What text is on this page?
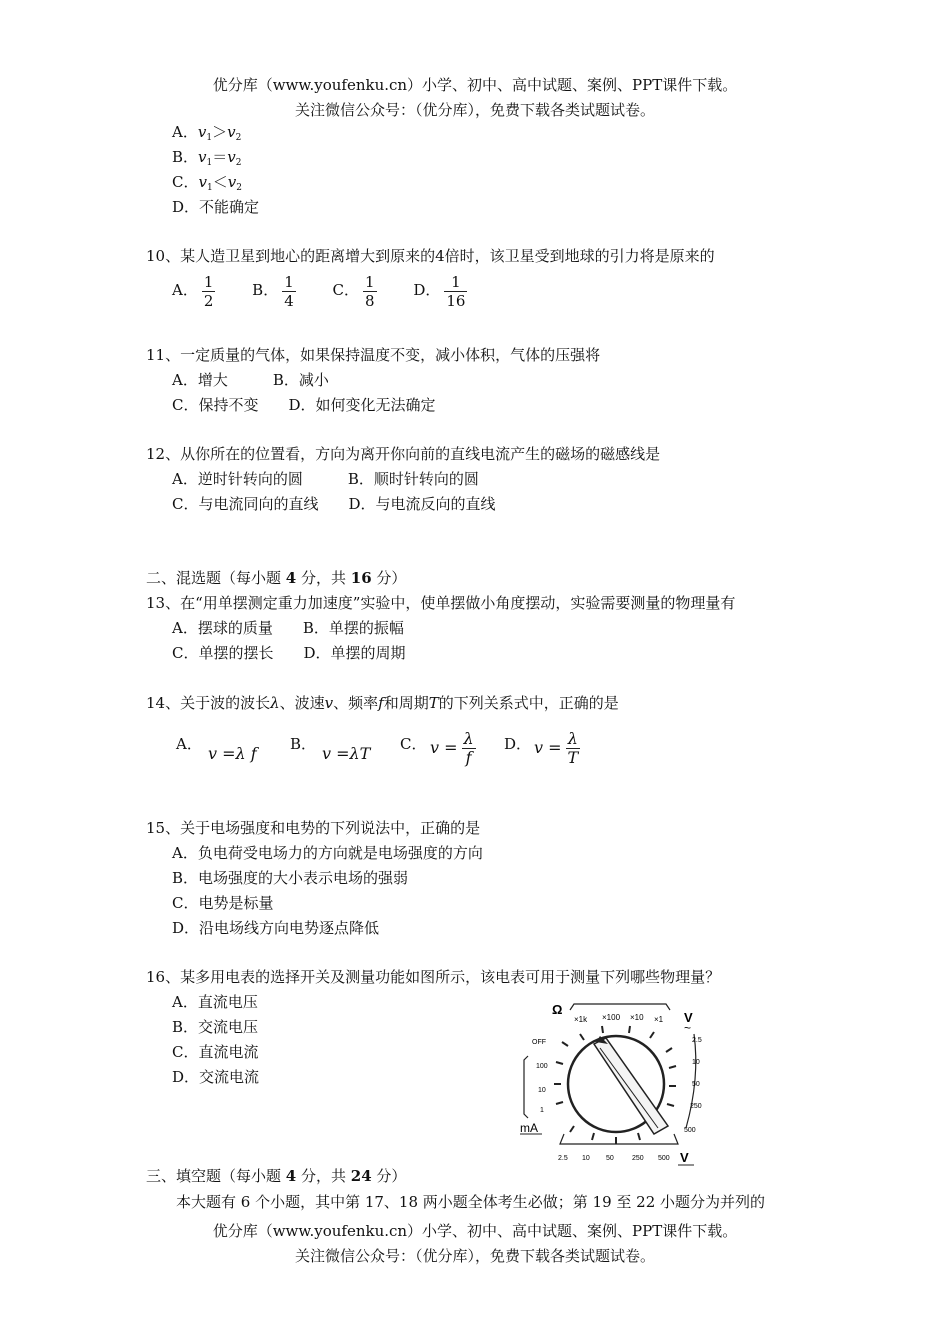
优分库（www.youfenku.cn）小学、初中、高中试题、案例、PPT课件下载。
关注微信公众号：（优分库），免费下载各类试题试卷。
A．$v_1>v_2$
B．$v_1=v_2$
C．$v_1<v_2$
D．不能确定
10、某人造卫星到地心的距离增大到原来的4倍时，该卫星受到地球的引力将是原来的
A． $\frac{1}{2}$ B． $\frac{1}{4}$ C． $\frac{1}{8}$ D． $\frac{1}{16}$
11、一定质量的气体，如果保持温度不变，减小体积，气体的压强将
A．增大　　　B．减小
C．保持不变　　D．如何变化无法确定
12、从你所在的位置看，方向为离开你向前的直线电流产生的磁场的磁感线是
A．逆时针转向的圆　　　B．顺时针转向的圆
C．与电流同向的直线　　D．与电流反向的直线
二、混选题（每小题 4 分，共 16 分）
13、在“用单摆测定重力加速度”实验中，使单摆做小角度摆动，实验需要测量的物理量有
A．摆球的质量　　B．单摆的振幅
C．单摆的摆长　　D．单摆的周期
14、关于波的波长λ、波速v、频率f和周期T的下列关系式中，正确的是
A． v =λ f B． v =λT C． $v = \frac{\lambda}{f}$ D． $v = \frac{\lambda}{T}$
15、关于电场强度和电势的下列说法中，正确的是
A．负电荷受电场力的方向就是电场强度的方向
B．电场强度的大小表示电场的强弱
C．电势是标量
D．沿电场线方向电势逐点降低
16、某多用电表的选择开关及测量功能如图所示，该电表可用于测量下列哪些物理量？
A．直流电压
B．交流电压
C．直流电流
D．交流电流
Ω
×1k ×100 ×10 ×1 V
~
2.5
10
50
250
500
OFF
100
10
1
mA
2.5 10 50	250 500 V
三、填空题（每小题 4 分，共 24 分）
本大题有 6 个小题，其中第 17、18 两小题全体考生必做；第 19 至 22 小题分为并列的
优分库（www.youfenku.cn）小学、初中、高中试题、案例、PPT课件下载。
关注微信公众号：（优分库），免费下载各类试题试卷。
